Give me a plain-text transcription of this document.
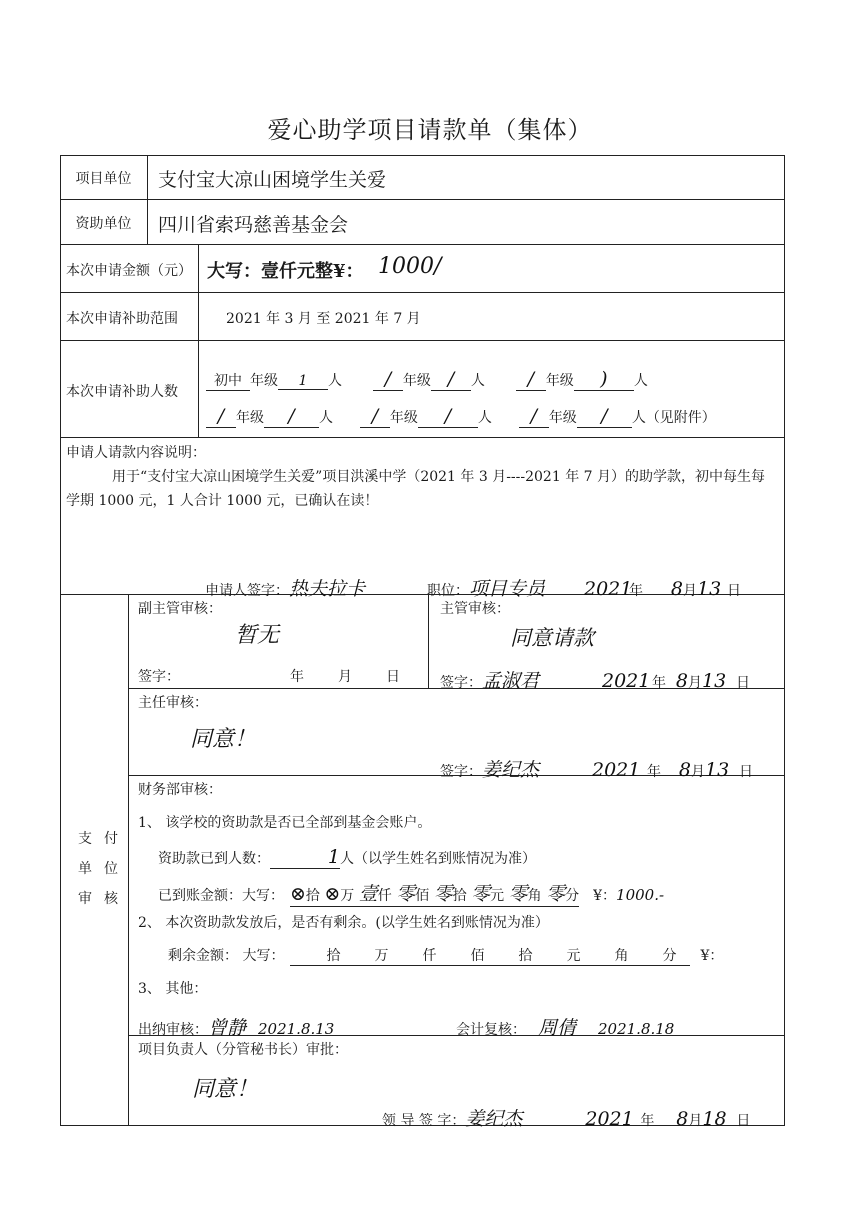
爱心助学项目请款单（集体）
项目单位	支付宝大凉山困境学生关爱
资助单位	四川省索玛慈善基金会
本次申请金额（元） 大写：壹仟元整¥： 1000/
本次申请补助范围	2021 年 3 月 至 2021 年 7 月
本次申请补助人数
初中 年级 1 人 / 年级 / 人 / 年级 ) 人
/ 年级 / 人 / 年级 / 人 / 年级 / 人（见附件）
申请人请款内容说明：
用于“支付宝大凉山困境学生关爱”项目洪溪中学（2021 年 3 月----2021 年 7 月）的助学款，初中每生每学期 1000 元，1 人合计 1000 元，已确认在读！
申请人签字：热夫拉卡	职位：项目专员 2021年 8月13 日
支 付
单 位
审 核
副主管审核：
暂无
签字：	年 月 日
主管审核：
同意请款
签字：孟淑君	2021 年 8月13 日
主任审核：
同意！
签字：姜纪杰	2021 年 8月13 日
财务部审核：
1、 该学校的资助款是否已全部到基金会账户。
资助款已到人数：	1人（以学生姓名到账情况为准）
已到账金额：大写： ⊗拾 ⊗万 壹仟 零佰 零拾 零元 零角 零分 ¥：1000.-
2、 本次资助款发放后，是否有剩余。(以学生姓名到账情况为准）
剩余金额： 大写：	拾 万 仟 佰 拾 元 角 分 ¥：
3、 其他：
出纳审核：曾静 2021.8.13	会计复核： 周倩 2021.8.18
项目负责人（分管秘书长）审批：
同意！
领 导 签 字：姜纪杰	2021 年 8月18 日
